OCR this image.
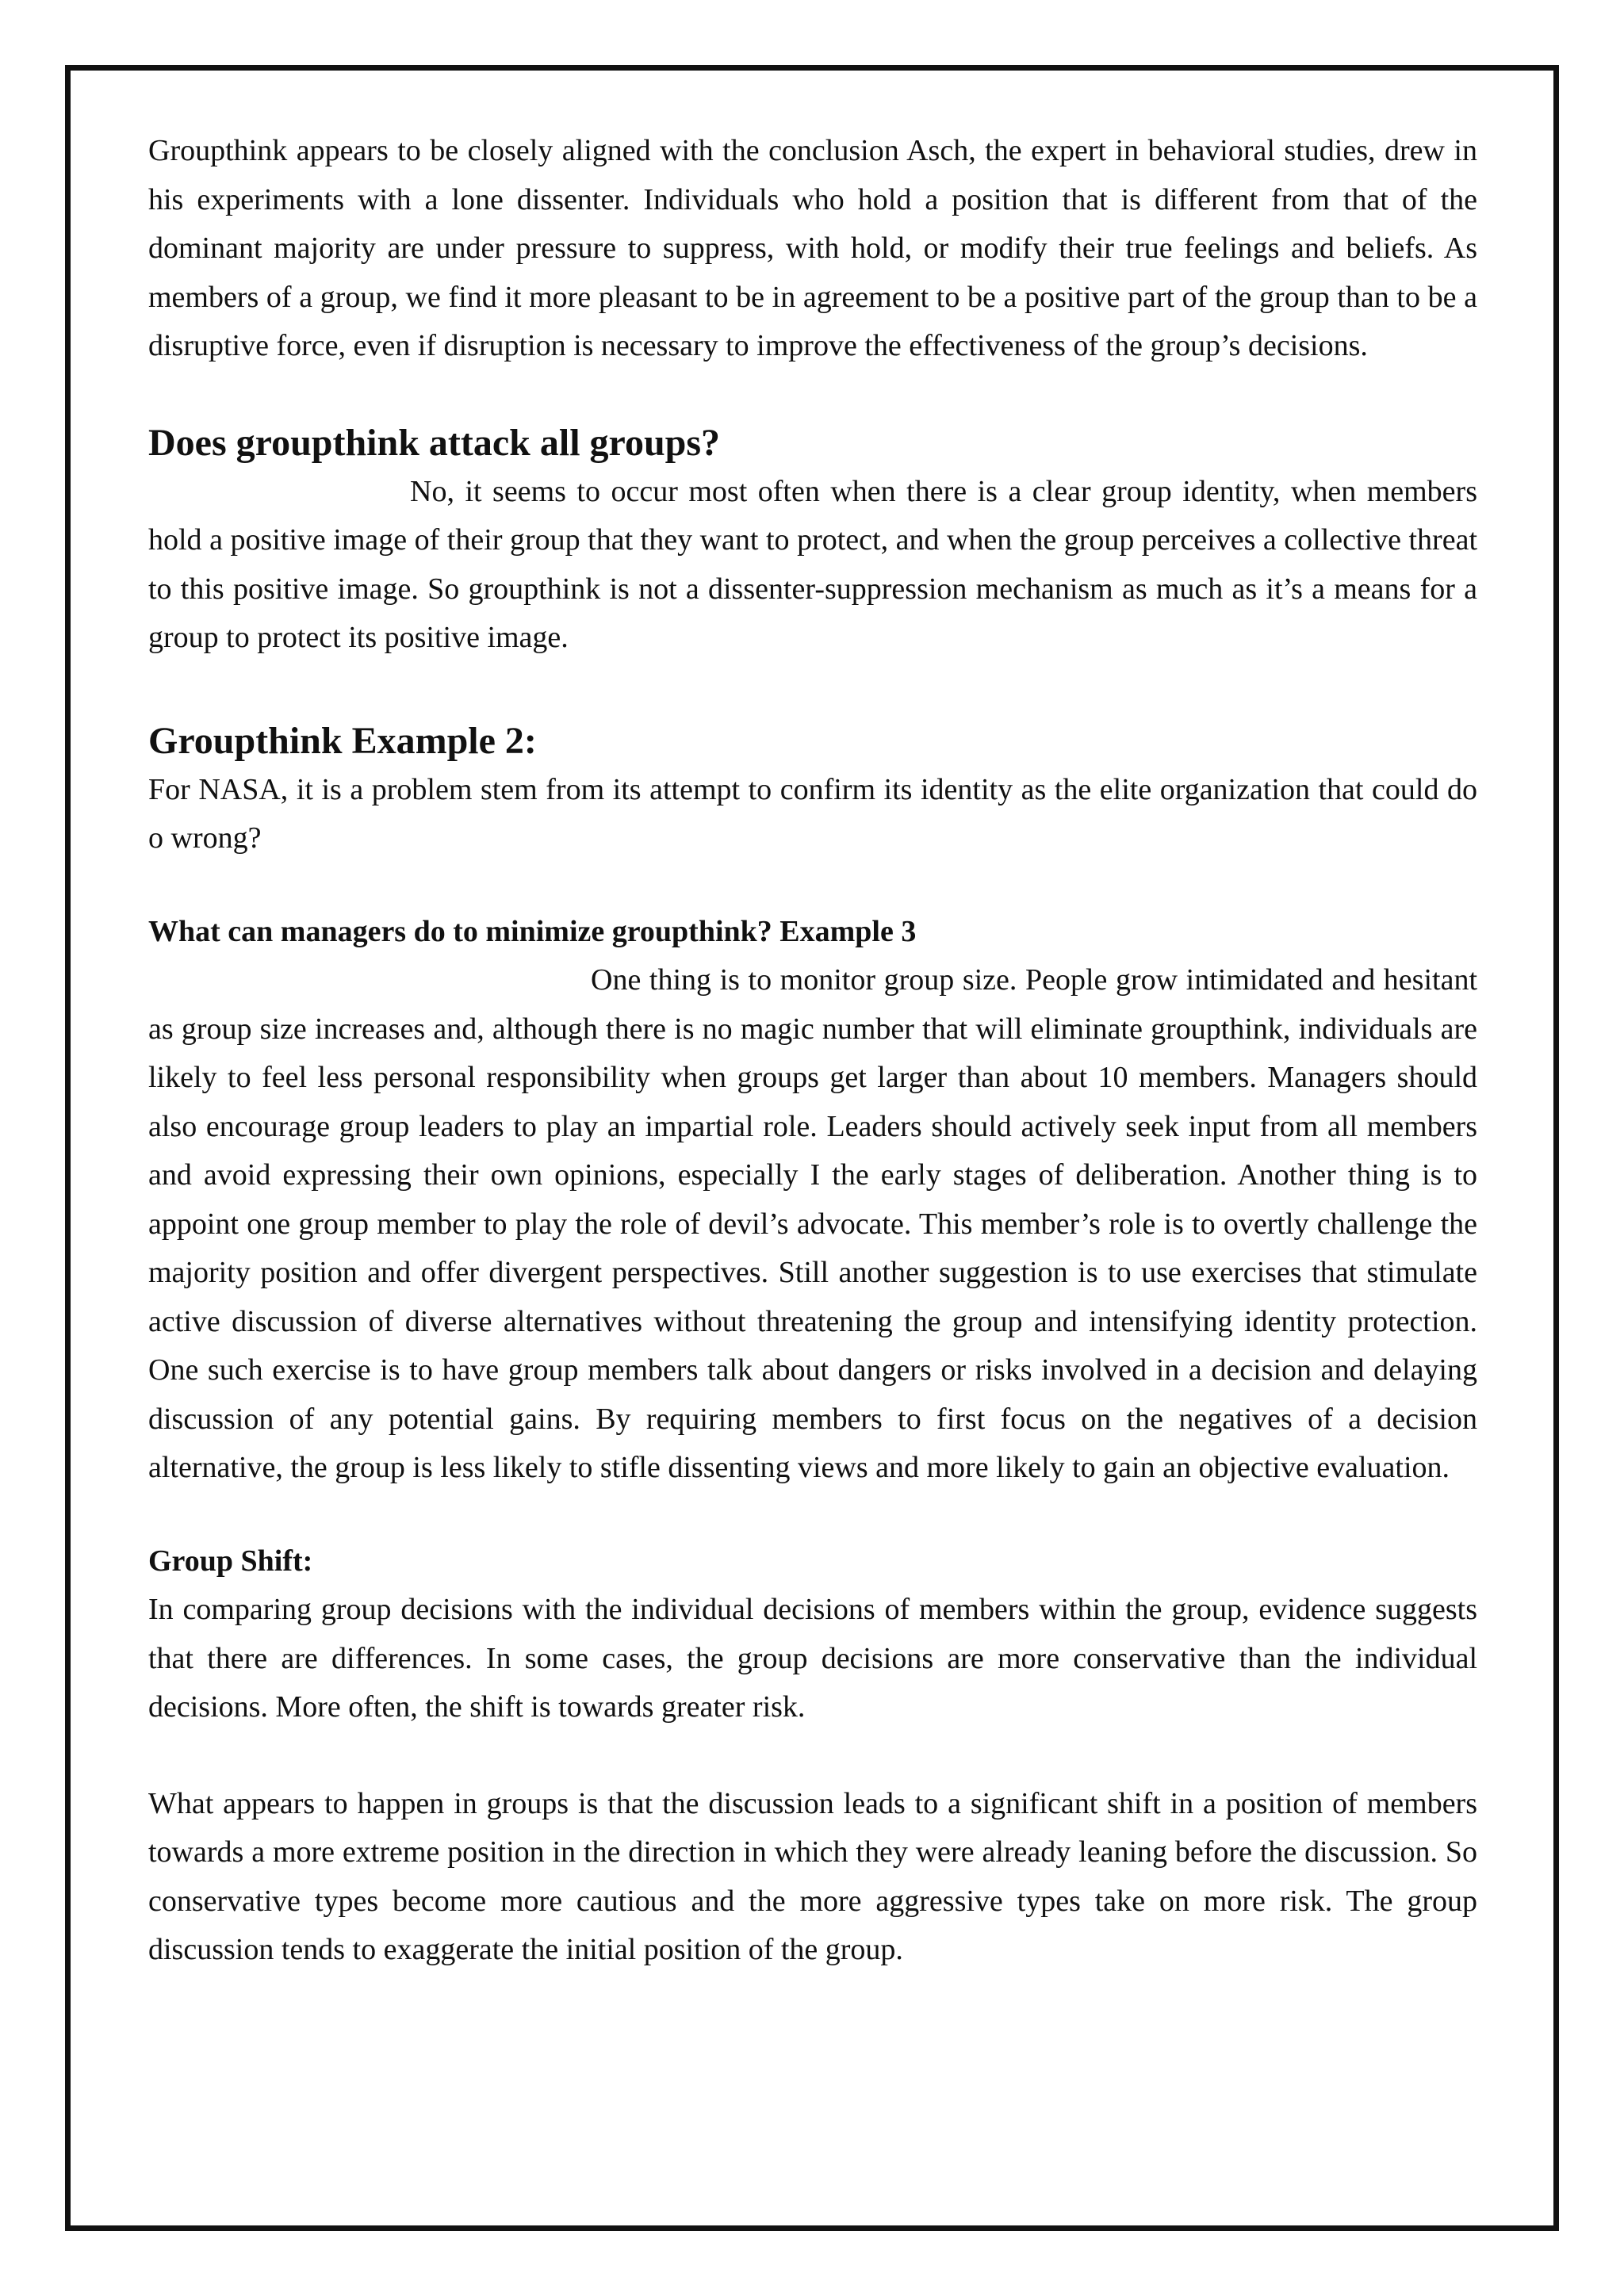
Groupthink appears to be closely aligned with the conclusion Asch, the expert in behavioral studies, drew in his experiments with a lone dissenter. Individuals who hold a position that is different from that of the dominant majority are under pressure to suppress, with hold, or modify their true feelings and beliefs. As members of a group, we find it more pleasant to be in agreement to be a positive part of the group than to be a disruptive force, even if disruption is necessary to improve the effectiveness of the group’s decisions.

Does groupthink attack all groups?

No, it seems to occur most often when there is a clear group identity, when members hold a positive image of their group that they want to protect, and when the group perceives a collective threat to this positive image. So groupthink is not a dissenter-suppression mechanism as much as it’s a means for a group to protect its positive image.

Groupthink Example 2:

For NASA, it is a problem stem from its attempt to confirm its identity as the elite organization that could do o wrong?

What can managers do to minimize groupthink? Example 3

One thing is to monitor group size. People grow intimidated and hesitant as group size increases and, although there is no magic number that will eliminate groupthink, individuals are likely to feel less personal responsibility when groups get larger than about 10 members. Managers should also encourage group leaders to play an impartial role. Leaders should actively seek input from all members and avoid expressing their own opinions, especially I the early stages of deliberation. Another thing is to appoint one group member to play the role of devil’s advocate. This member’s role is to overtly challenge the majority position and offer divergent perspectives. Still another suggestion is to use exercises that stimulate active discussion of diverse alternatives without threatening the group and intensifying identity protection. One such exercise is to have group members talk about dangers or risks involved in a decision and delaying discussion of any potential gains. By requiring members to first focus on the negatives of a decision alternative, the group is less likely to stifle dissenting views and more likely to gain an objective evaluation.

Group Shift:

In comparing group decisions with the individual decisions of members within the group, evidence suggests that there are differences. In some cases, the group decisions are more conservative than the individual decisions. More often, the shift is towards greater risk.

What appears to happen in groups is that the discussion leads to a significant shift in a position of members towards a more extreme position in the direction in which they were already leaning before the discussion. So conservative types become more cautious and the more aggressive types take on more risk. The group discussion tends to exaggerate the initial position of the group.
